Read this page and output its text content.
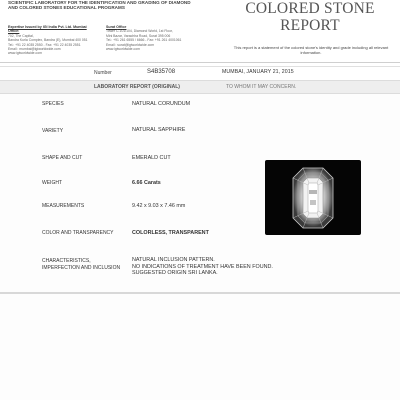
SCIENTIFIC LABORATORY FOR THE IDENTIFICATION AND GRADING OF DIAMOND AND COLORED STONES EDUCATIONAL PROGRAMS
Expertise Issued by IGI India Pvt. Ltd. Mumbai Office:
702, The Capital,
Bandra Kurla Complex, Bandra (E), Mumbai 400 051
Tel.: +91 22 4035 2550 - Fax: +91 22 4035 2551
Email : mumbai@igiworldwide.com
www.igiworldwide.com
Surat Office
Tower C-101/104, Diamond World, 1st Floor,
Mini Bazar, Varachha Road, Surat 395 006
Tel.: +91 261 6555 / 6666 - Fax: +91 261 4001061
Email : surat@igiworldwide.com
www.igiworldwide.com
COLORED STONE
REPORT
This report is a statement of the colored stone's identity and grade including all relevant information.
Number	S4B35708	MUMBAI, JANUARY 21, 2015
LABORATORY REPORT (ORIGINAL)	TO WHOM IT MAY CONCERN.
SPECIES	NATURAL CORUNDUM
VARIETY	NATURAL SAPPHIRE
SHAPE AND CUT	EMERALD CUT
WEIGHT	6.66 Carats
MEASUREMENTS	9.42 x 9.03 x 7.46 mm
COLOR AND TRANSPARENCY	COLORLESS, TRANSPARENT
CHARACTERISTICS,
IMPERFECTION AND INCLUSION
NATURAL INCLUSION PATTERN.
NO INDICATIONS OF TREATMENT HAVE BEEN FOUND.
SUGGESTED ORIGIN SRI LANKA.
